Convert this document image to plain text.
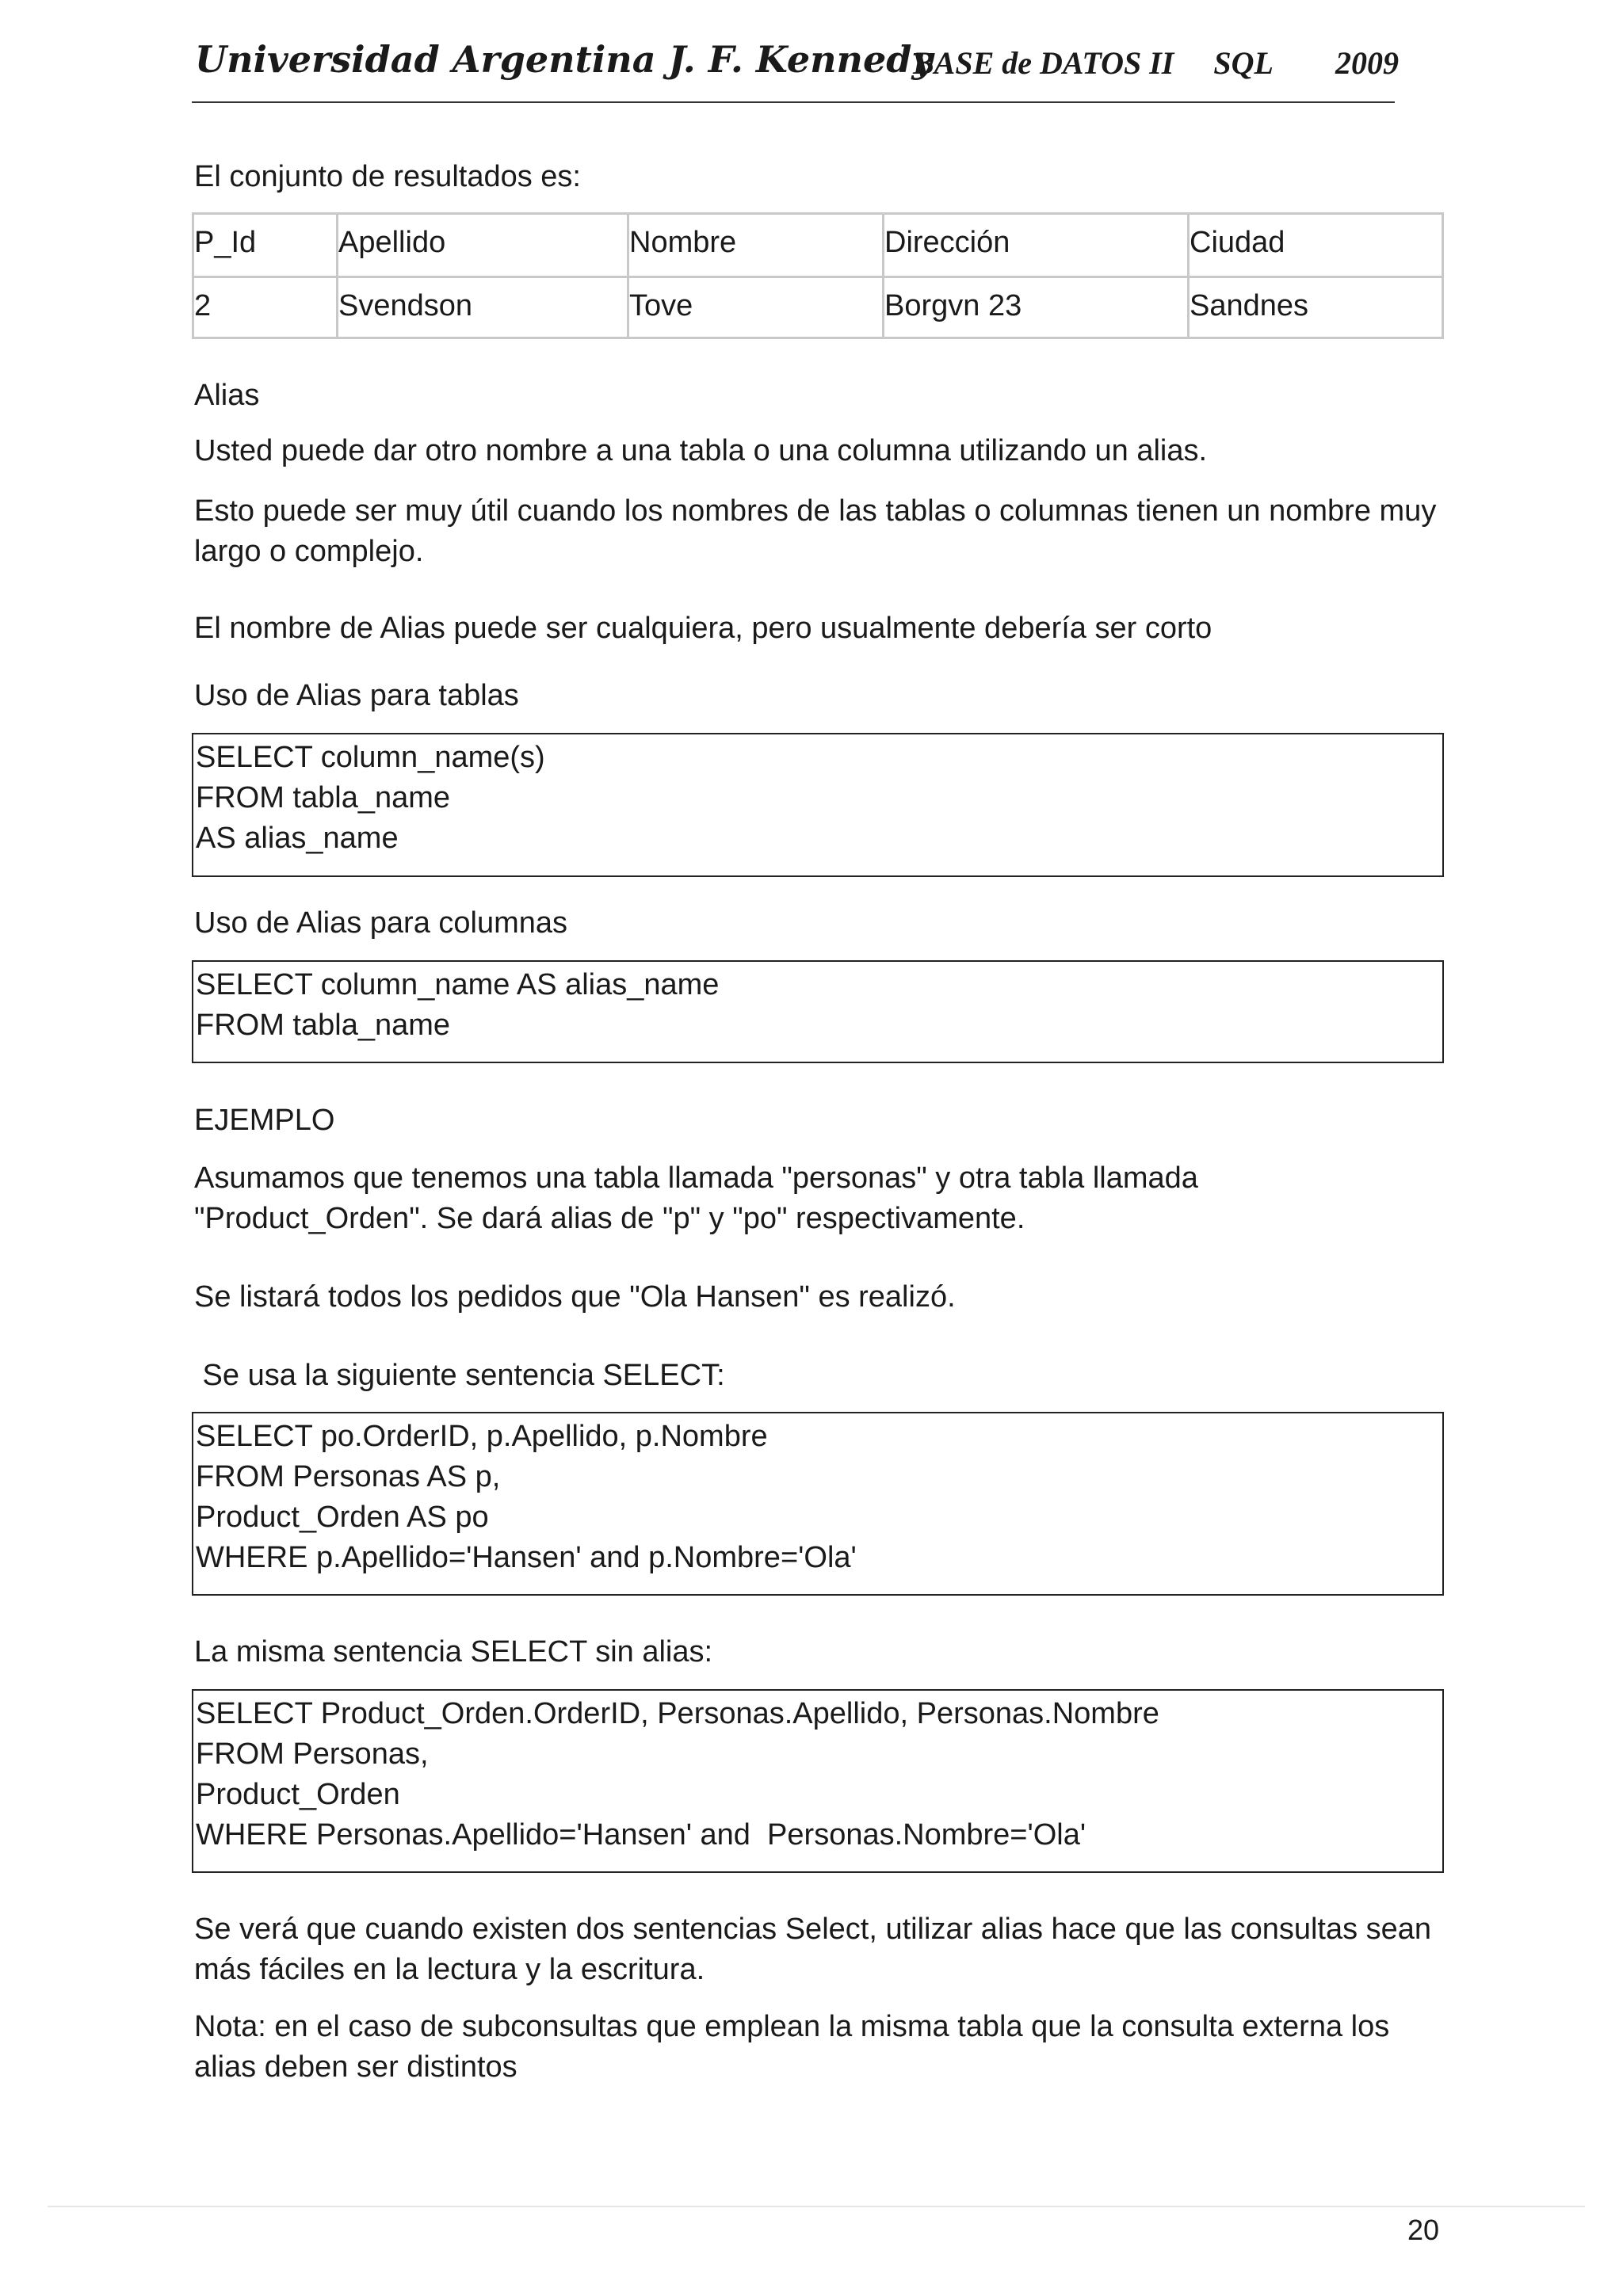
Universidad Argentina J. F. Kennedy
BASE de DATOS II SQL 2009
El conjunto de resultados es:
P_Id	Apellido	Nombre	Dirección	Ciudad
2	Svendson	Tove	Borgvn 23	Sandnes
Alias
Usted puede dar otro nombre a una tabla o una columna utilizando un alias.
Esto puede ser muy útil cuando los nombres de las tablas o columnas tienen un nombre muy
largo o complejo.
El nombre de Alias puede ser cualquiera, pero usualmente debería ser corto
Uso de Alias para tablas
SELECT column_name(s)
FROM tabla_name
AS alias_name
Uso de Alias para columnas
SELECT column_name AS alias_name
FROM tabla_name
EJEMPLO
Asumamos que tenemos una tabla llamada "personas" y otra tabla llamada
"Product_Orden". Se dará alias de "p" y "po" respectivamente.
Se listará todos los pedidos que "Ola Hansen" es realizó.
Se usa la siguiente sentencia SELECT:
SELECT po.OrderID, p.Apellido, p.Nombre
FROM Personas AS p,
Product_Orden AS po
WHERE p.Apellido='Hansen' and p.Nombre='Ola'
La misma sentencia SELECT sin alias:
SELECT Product_Orden.OrderID, Personas.Apellido, Personas.Nombre
FROM Personas,
Product_Orden
WHERE Personas.Apellido='Hansen' and  Personas.Nombre='Ola'
Se verá que cuando existen dos sentencias Select, utilizar alias hace que las consultas sean
más fáciles en la lectura y la escritura.
Nota: en el caso de subconsultas que emplean la misma tabla que la consulta externa los
alias deben ser distintos
20
